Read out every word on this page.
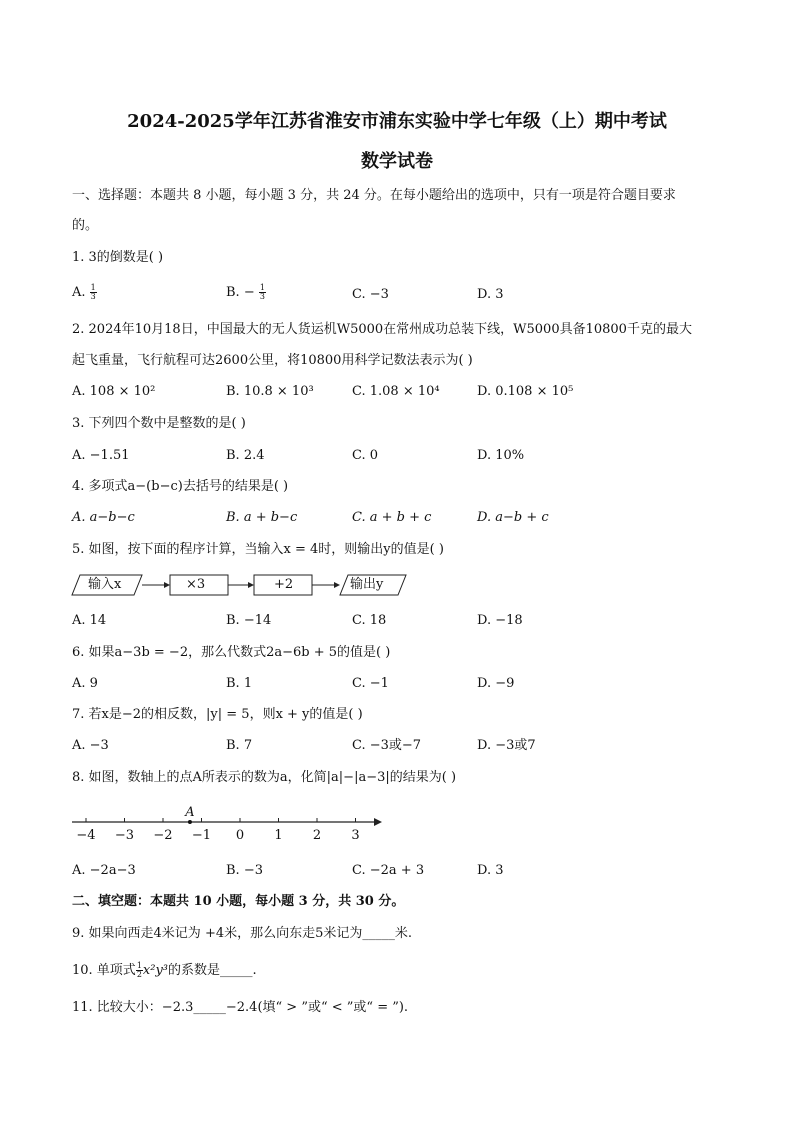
2024-2025学年江苏省淮安市浦东实验中学七年级（上）期中考试
数学试卷
一、选择题：本题共 8 小题，每小题 3 分，共 24 分。在每小题给出的选项中，只有一项是符合题目要求
的。
1. 3的倒数是( )
A. $\frac{1}{3}$	B. − $\frac{1}{3}$	C. −3	D. 3
2. 2024年10月18日，中国最大的无人货运机W5000在常州成功总装下线，W5000具备10800千克的最大
起飞重量，飞行航程可达2600公里，将10800用科学记数法表示为( )
A. 108 × 10²	B. 10.8 × 10³	C. 1.08 × 10⁴	D. 0.108 × 10⁵
3. 下列四个数中是整数的是( )
A. −1.51	B. 2.4	C. 0	D. 10%
4. 多项式a−(b−c)去括号的结果是( )
A. a−b−c	B. a + b−c	C. a + b + c	D. a−b + c
5. 如图，按下面的程序计算，当输入x = 4时，则输出y的值是( )
输入x	×3	+2	输出y
A. 14	B. −14	C. 18	D. −18
6. 如果a−3b = −2，那么代数式2a−6b + 5的值是( )
A. 9	B. 1	C. −1	D. −9
7. 若x是−2的相反数，|y| = 5，则x + y的值是( )
A. −3	B. 7	C. −3或−7	D. −3或7
8. 如图，数轴上的点A所表示的数为a，化简|a|−|a−3|的结果为( )
−4 −3 −2 −1 0 1 2 3
A
A. −2a−3	B. −3	C. −2a + 3	D. 3
二、填空题：本题共 10 小题，每小题 3 分，共 30 分。
9. 如果向西走4米记为 +4米，那么向东走5米记为_____米.
10. 单项式 $\frac{1}{2} x^2y^3$的系数是_____.
11. 比较大小：−2.3_____−2.4(填“ > ”或“ < ”或“ = ”).
